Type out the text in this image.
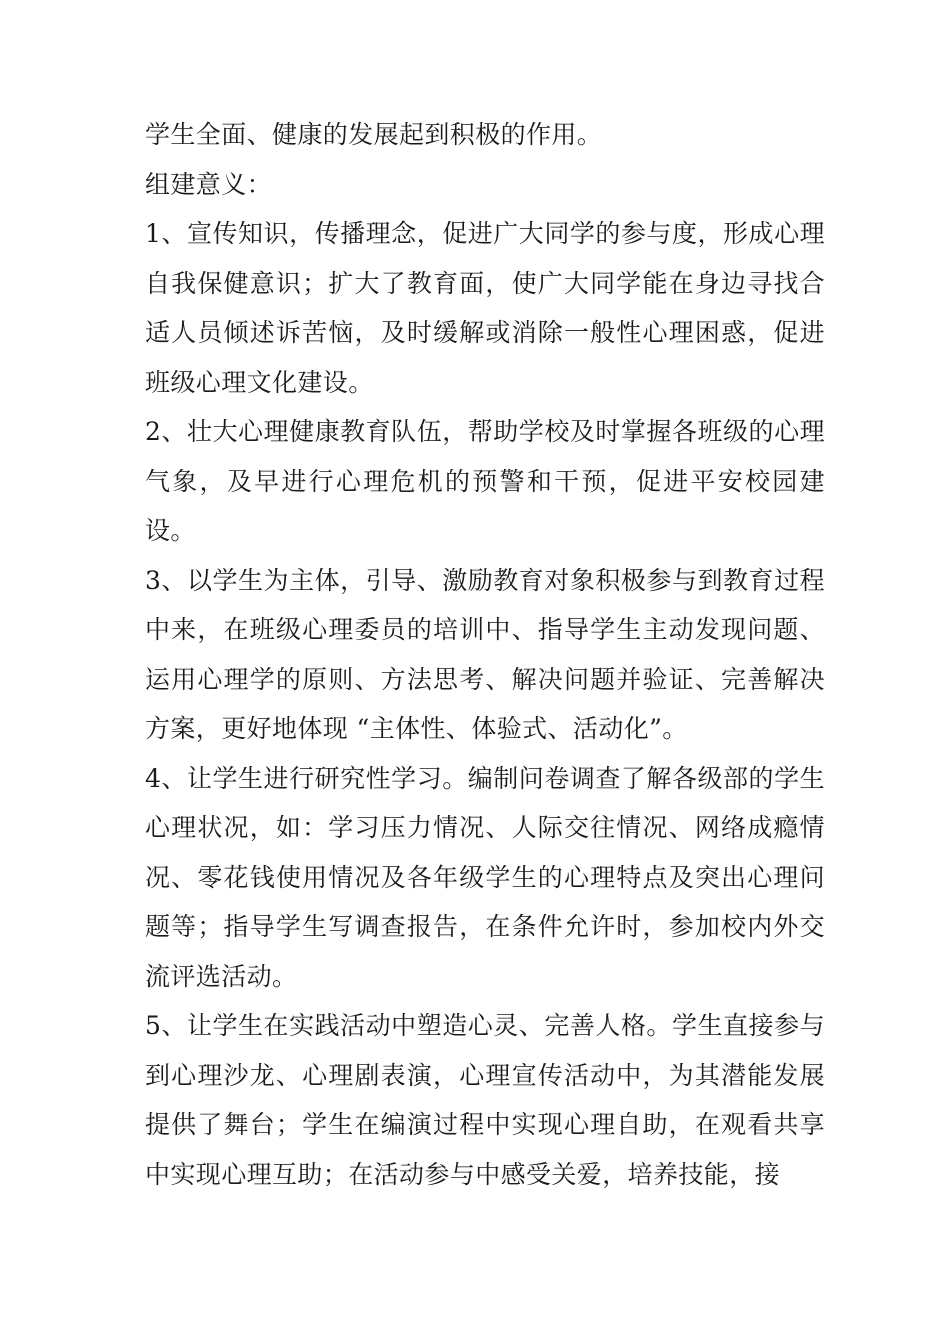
学生全面、健康的发展起到积极的作用。

组建意义：

1、宣传知识，传播理念，促进广大同学的参与度，形成心理自我保健意识；扩大了教育面，使广大同学能在身边寻找合适人员倾述诉苦恼，及时缓解或消除一般性心理困惑，促进班级心理文化建设。

2、壮大心理健康教育队伍，帮助学校及时掌握各班级的心理气象，及早进行心理危机的预警和干预，促进平安校园建设。

3、以学生为主体，引导、激励教育对象积极参与到教育过程中来，在班级心理委员的培训中、指导学生主动发现问题、运用心理学的原则、方法思考、解决问题并验证、完善解决方案，更好地体现 “主体性、体验式、活动化”。

4、让学生进行研究性学习。编制问卷调查了解各级部的学生心理状况，如：学习压力情况、人际交往情况、网络成瘾情况、零花钱使用情况及各年级学生的心理特点及突出心理问题等；指导学生写调查报告，在条件允许时，参加校内外交流评选活动。

5、让学生在实践活动中塑造心灵、完善人格。学生直接参与到心理沙龙、心理剧表演，心理宣传活动中，为其潜能发展提供了舞台；学生在编演过程中实现心理自助，在观看共享中实现心理互助；在活动参与中感受关爱，培养技能，接
